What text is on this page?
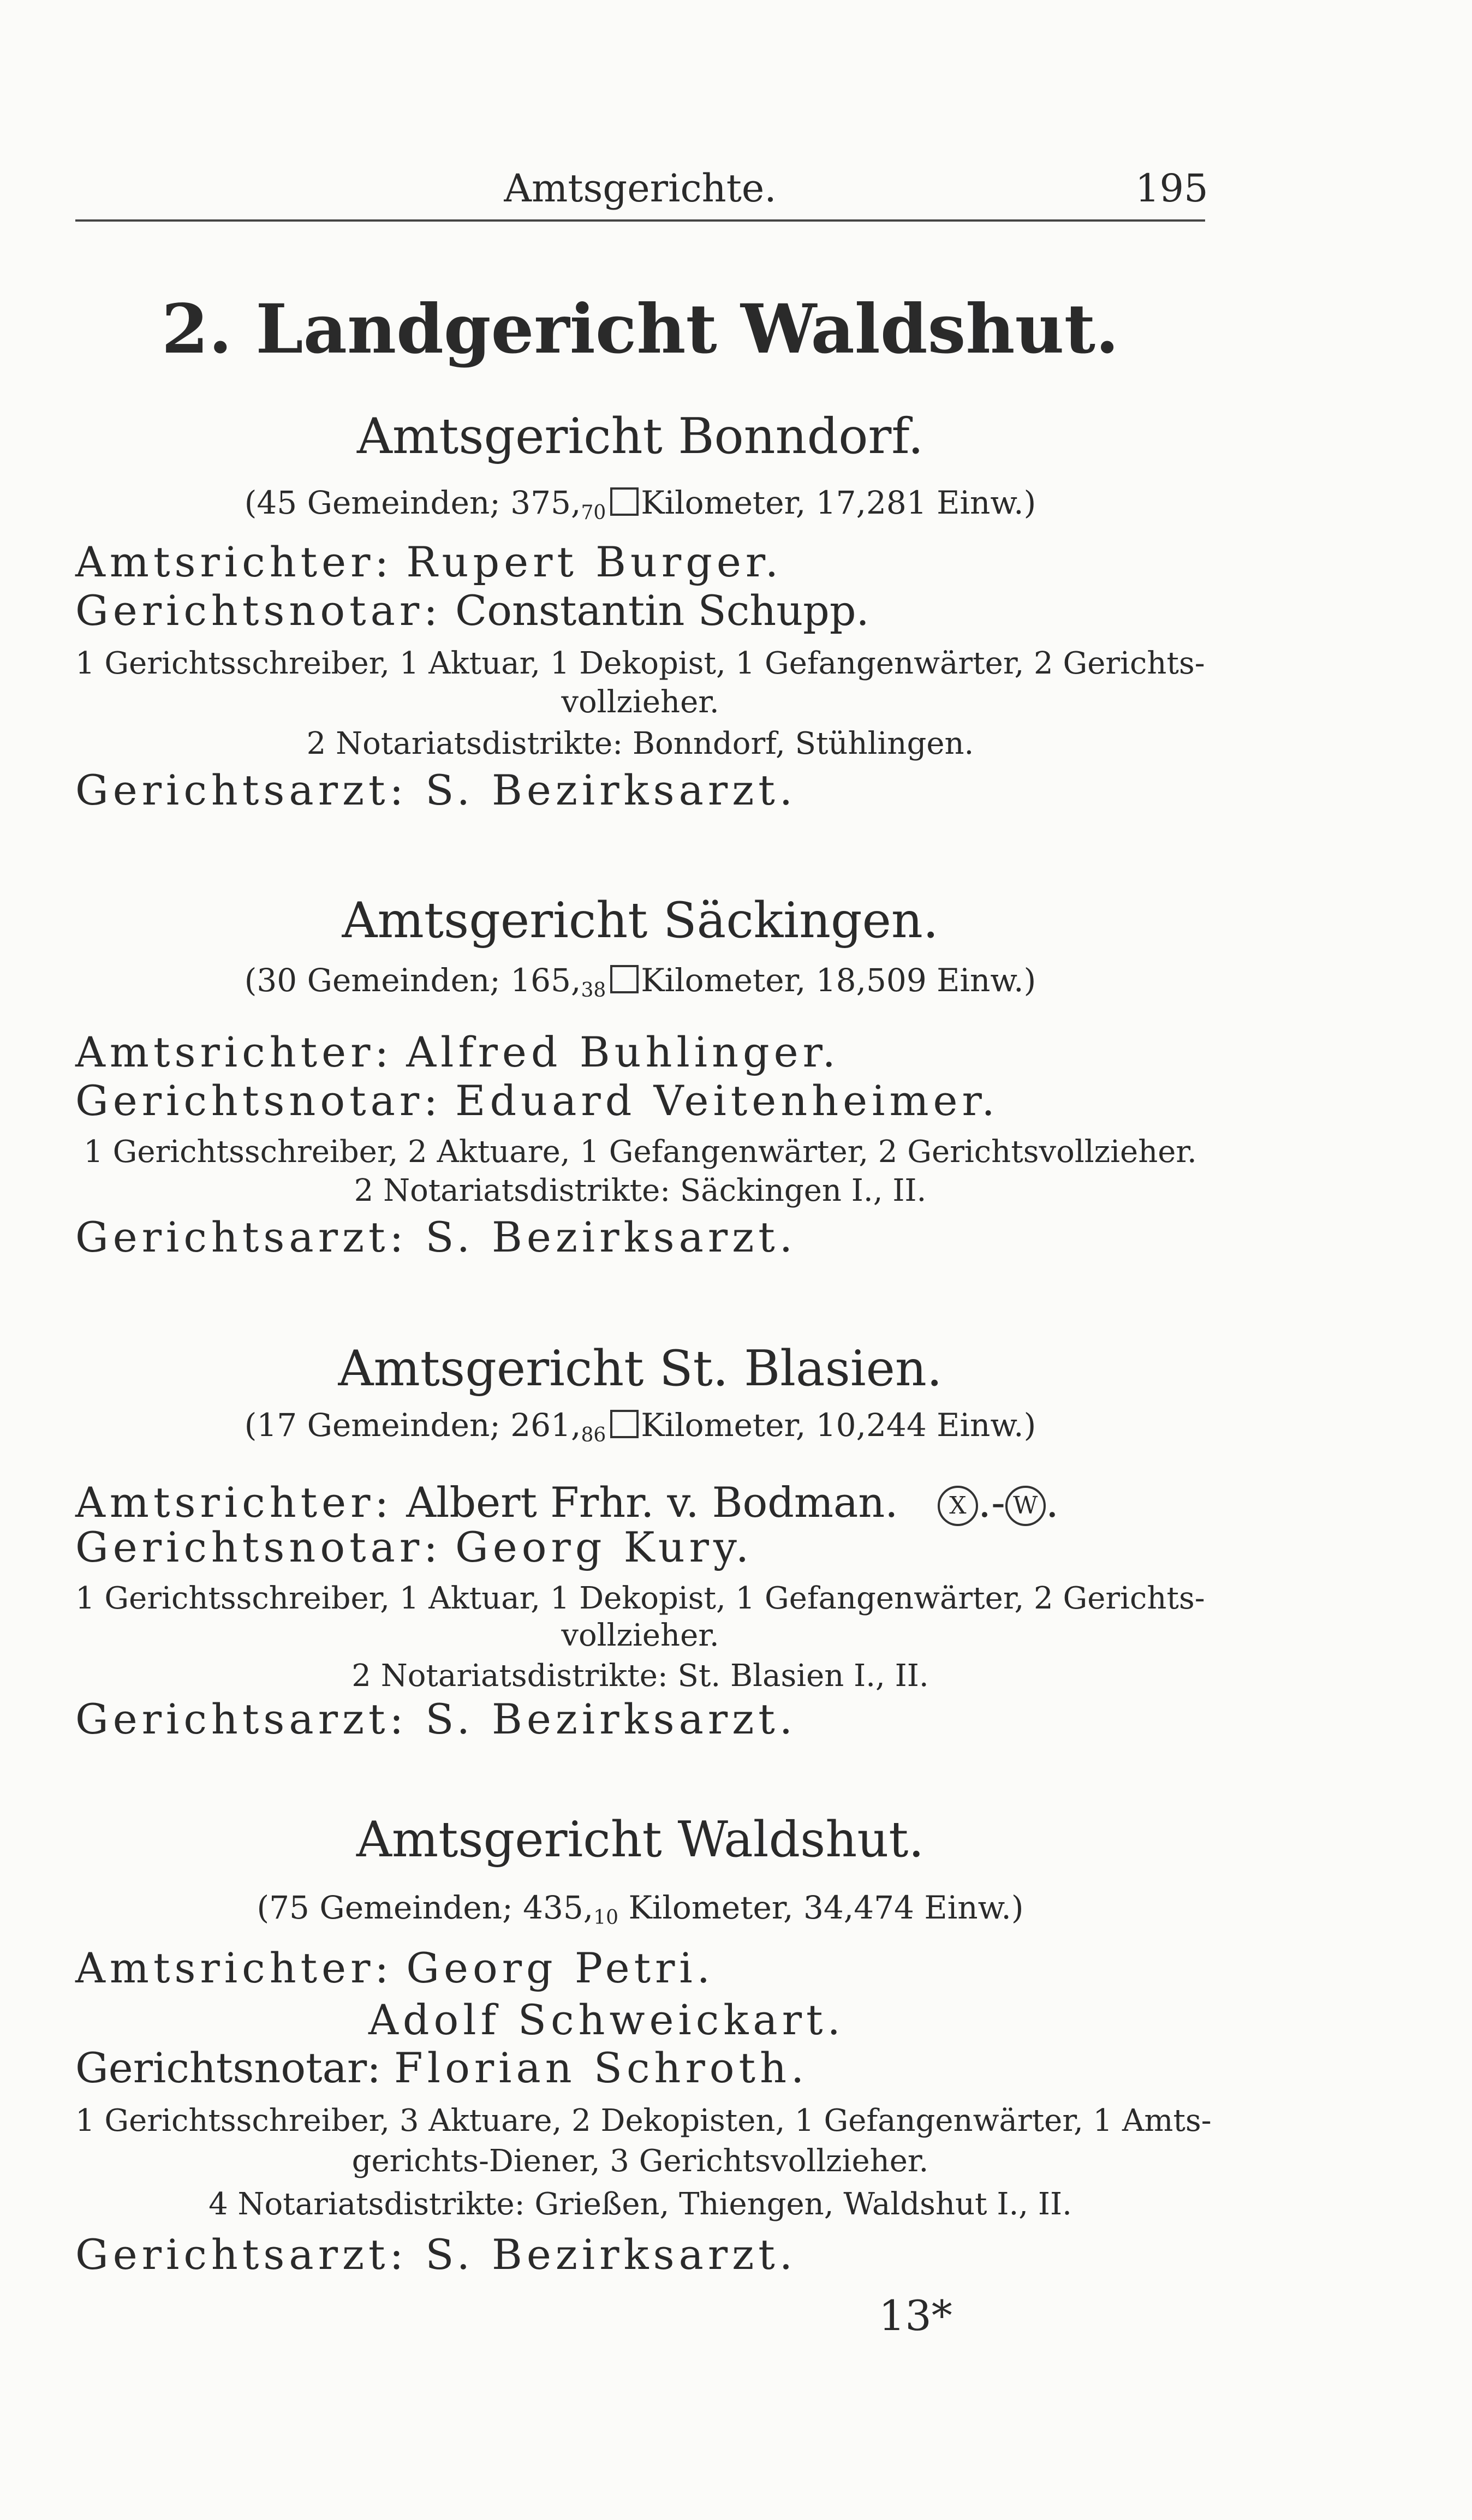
Amtsgerichte.	195
2. Landgericht Waldshut.
Amtsgericht Bonndorf.
(45 Gemeinden; $375,_{70}$ Kilometer, 17,281 Einw.)
Amtsrichter: Rupert Burger.
Gerichtsnotar: Constantin Schupp.
1 Gerichtsschreiber, 1 Aktuar, 1 Dekopist, 1 Gefangenwärter, 2 Gerichts-
vollzieher.
2 Notariatsdistrikte: Bonndorf, Stühlingen.
Gerichtsarzt: S. Bezirksarzt.
Amtsgericht Säckingen.
(30 Gemeinden; $165,_{38}$ Kilometer, 18,509 Einw.)
Amtsrichter: Alfred Buhlinger.
Gerichtsnotar: Eduard Veitenheimer.
1 Gerichtsschreiber, 2 Aktuare, 1 Gefangenwärter, 2 Gerichtsvollzieher.
2 Notariatsdistrikte: Säckingen I., II.
Gerichtsarzt: S. Bezirksarzt.
Amtsgericht St. Blasien.
(17 Gemeinden; $261,_{86}$ Kilometer, 10,244 Einw.)
Amtsrichter: Albert Frhr. v. Bodman. X .- W .
Gerichtsnotar: Georg Kury.
1 Gerichtsschreiber, 1 Aktuar, 1 Dekopist, 1 Gefangenwärter, 2 Gerichts-
vollzieher.
2 Notariatsdistrikte: St. Blasien I., II.
Gerichtsarzt: S. Bezirksarzt.
Amtsgericht Waldshut.
(75 Gemeinden; $435,_{10}$ Kilometer, 34,474 Einw.)
Amtsrichter: Georg Petri.
Adolf Schweickart.
Gerichtsnotar: Florian Schroth.
1 Gerichtsschreiber, 3 Aktuare, 2 Dekopisten, 1 Gefangenwärter, 1 Amts-
gerichts-Diener, 3 Gerichtsvollzieher.
4 Notariatsdistrikte: Grießen, Thiengen, Waldshut I., II.
Gerichtsarzt: S. Bezirksarzt.
13*
